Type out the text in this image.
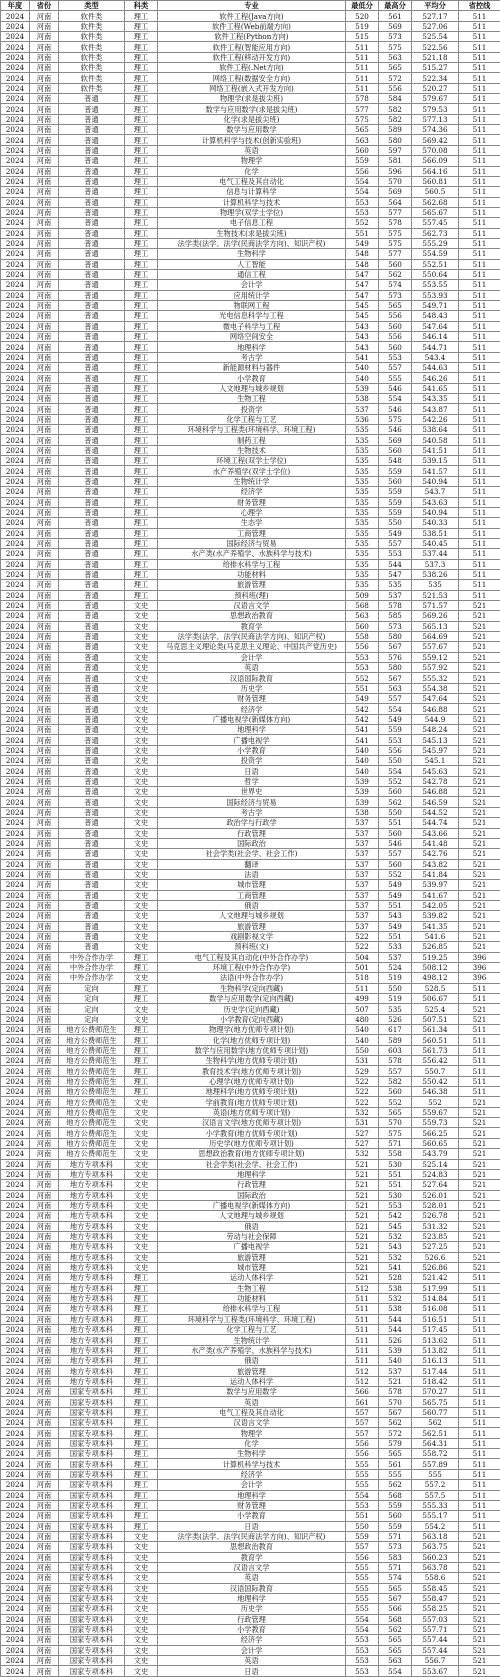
年度	省份	类型	科类	专业	最低分	最高分	平均分	省控线
2024	河南	软件类	理工	软件工程(Java方向)	520	561	527.17	511
2024	河南	软件类	理工	软件工程(Web前端方向)	519	569	527.06	511
2024	河南	软件类	理工	软件工程(Python方向)	515	573	525.54	511
2024	河南	软件类	理工	软件工程(智能应用方向)	511	575	522.56	511
2024	河南	软件类	理工	软件工程(移动开发方向)	511	563	521.18	511
2024	河南	软件类	理工	软件工程(.Net方向)	511	565	515.27	511
2024	河南	软件类	理工	网络工程(数据安全方向)	511	572	522.34	511
2024	河南	软件类	理工	网络工程(嵌入式开发方向)	511	556	520.27	511
2024	河南	普通	理工	物理学(求是拔尖班)	578	584	579.67	511
2024	河南	普通	理工	数学与应用数学(求是拔尖班)	577	582	579.53	511
2024	河南	普通	理工	化学(求是拔尖班)	575	582	577.13	511
2024	河南	普通	理工	数学与应用数学	565	589	574.36	511
2024	河南	普通	理工	计算机科学与技术(创新实验班)	563	580	569.42	511
2024	河南	普通	理工	英语	560	597	570.08	511
2024	河南	普通	理工	物理学	559	581	566.09	511
2024	河南	普通	理工	化学	556	596	564.16	511
2024	河南	普通	理工	电气工程及其自动化	554	570	560.81	511
2024	河南	普通	理工	信息与计算科学	554	569	560.5	511
2024	河南	普通	理工	计算机科学与技术	553	564	562.68	511
2024	河南	普通	理工	物理学(双学士学位)	553	577	565.67	511
2024	河南	普通	理工	电子信息工程	552	578	557.45	511
2024	河南	普通	理工	生物技术(求是拔尖班)	551	575	562.73	511
2024	河南	普通	理工	法学类(法学、法学(民商法学方向)、知识产权)	549	575	555.29	511
2024	河南	普通	理工	生物科学	548	577	554.59	511
2024	河南	普通	理工	人工智能	548	560	552.51	511
2024	河南	普通	理工	通信工程	547	562	550.64	511
2024	河南	普通	理工	会计学	547	574	553.55	511
2024	河南	普通	理工	应用统计学	547	573	553.93	511
2024	河南	普通	理工	物联网工程	545	565	549.71	511
2024	河南	普通	理工	光电信息科学与工程	545	556	548.43	511
2024	河南	普通	理工	微电子科学与工程	543	560	547.64	511
2024	河南	普通	理工	网络空间安全	543	556	546.14	511
2024	河南	普通	理工	地理科学	543	560	544.71	511
2024	河南	普通	理工	考古学	541	553	543.4	511
2024	河南	普通	理工	新能源材料与器件	540	557	544.63	511
2024	河南	普通	理工	小学教育	540	555	546.26	511
2024	河南	普通	理工	人文地理与城乡规划	539	546	541.65	511
2024	河南	普通	理工	生物工程	538	554	543.35	511
2024	河南	普通	理工	投资学	537	546	543.87	511
2024	河南	普通	理工	化学工程与工艺	536	575	542.26	511
2024	河南	普通	理工	环境科学与工程类(环境科学、环境工程)	535	546	538.64	511
2024	河南	普通	理工	制药工程	535	569	540.58	511
2024	河南	普通	理工	生物技术	535	560	541.51	511
2024	河南	普通	理工	环境工程(双学士学位)	535	548	539.15	511
2024	河南	普通	理工	水产养殖学(双学士学位)	535	559	541.57	511
2024	河南	普通	理工	生物统计学	535	560	540.94	511
2024	河南	普通	理工	经济学	535	559	543.7	511
2024	河南	普通	理工	财务管理	535	559	543.63	511
2024	河南	普通	理工	心理学	535	559	540.94	511
2024	河南	普通	理工	生态学	535	550	540.33	511
2024	河南	普通	理工	工商管理	535	549	538.51	511
2024	河南	普通	理工	国际经济与贸易	535	557	540.45	511
2024	河南	普通	理工	水产类(水产养殖学、水族科学与技术)	535	553	537.44	511
2024	河南	普通	理工	给排水科学与工程	535	544	537.3	511
2024	河南	普通	理工	功能材料	535	547	538.26	511
2024	河南	普通	理工	旅游管理	535	535	535	511
2024	河南	普通	理工	预科班(理)	509	537	521.53	511
2024	河南	普通	文史	汉语言文学	568	578	571.57	521
2024	河南	普通	文史	思想政治教育	563	585	569.26	521
2024	河南	普通	文史	教育学	560	573	565.13	521
2024	河南	普通	文史	法学类(法学、法学(民商法学方向)、知识产权)	558	580	564.69	521
2024	河南	普通	文史	马克思主义理论类(马克思主义理论、中国共产党历史)	556	567	557.67	521
2024	河南	普通	文史	会计学	553	576	559.12	521
2024	河南	普通	文史	英语	553	580	557.92	521
2024	河南	普通	文史	汉语国际教育	552	567	555.32	521
2024	河南	普通	文史	历史学	551	563	554.38	521
2024	河南	普通	文史	财务管理	549	557	547.64	521
2024	河南	普通	文史	经济学	542	554	546.88	521
2024	河南	普通	文史	广播电视学(新媒体方向)	542	549	544.9	521
2024	河南	普通	文史	地理科学	541	559	548.24	521
2024	河南	普通	文史	广播电视学	541	553	545.13	521
2024	河南	普通	文史	小学教育	540	556	545.97	521
2024	河南	普通	文史	投资学	540	550	545.1	521
2024	河南	普通	文史	日语	540	554	545.63	521
2024	河南	普通	文史	哲学	539	552	542.78	521
2024	河南	普通	文史	世界史	539	560	546.88	521
2024	河南	普通	文史	国际经济与贸易	539	562	546.59	521
2024	河南	普通	文史	考古学	538	550	544.52	521
2024	河南	普通	文史	政治学与行政学	537	551	544.74	521
2024	河南	普通	文史	行政管理	537	560	543.66	521
2024	河南	普通	文史	国际政治	537	546	541.48	521
2024	河南	普通	文史	社会学类(社会学、社会工作)	537	557	542.76	521
2024	河南	普通	文史	翻译	537	560	543.82	521
2024	河南	普通	文史	法语	537	552	541.84	521
2024	河南	普通	文史	城市管理	537	549	539.97	521
2024	河南	普通	文史	工商管理	537	549	541.67	521
2024	河南	普通	文史	俄语	537	551	542.05	521
2024	河南	普通	文史	人文地理与城乡规划	537	543	539.82	521
2024	河南	普通	文史	旅游管理	537	549	541.35	521
2024	河南	普通	文史	戏剧影视文学	522	551	541.6	521
2024	河南	普通	文史	预科班(文)	522	533	526.85	521
2024	河南	中外合作办学	理工	电气工程及其自动化(中外合作办学)	504	537	519.25	396
2024	河南	中外合作办学	理工	环境工程(中外合作办学)	501	524	508.12	396
2024	河南	中外合作办学	文史	法语(中外合作办学)	518	519	498.12	396
2024	河南	定向	理工	生物科学(定向西藏)	511	550	528.5	511
2024	河南	定向	理工	数学与应用数学(定向西藏)	499	519	506.67	511
2024	河南	定向	文史	历史学(定向西藏)	507	535	525.4	521
2024	河南	定向	文史	小学教育(定向西藏)	480	526	507.51	521
2024	河南	地方公费师范生	理工	物理学(地方优师专项计划)	540	617	561.34	511
2024	河南	地方公费师范生	理工	化学(地方优师专项计划)	540	589	560.51	511
2024	河南	地方公费师范生	理工	数学与应用数学(地方优师专项计划)	550	603	561.73	511
2024	河南	地方公费师范生	理工	生物科学(地方优师专项计划)	531	578	556.42	511
2024	河南	地方公费师范生	理工	教育技术学(地方优师专项计划)	529	557	550.7	511
2024	河南	地方公费师范生	理工	心理学(地方优师专项计划)	522	582	550.42	511
2024	河南	地方公费师范生	理工	地理科学(地方优师专项计划)	522	560	546.38	511
2024	河南	地方公费师范生	文史	学前教育(地方优师专项计划)	522	552	552	521
2024	河南	地方公费师范生	文史	英语(地方优师专项计划)	532	565	559.67	521
2024	河南	地方公费师范生	文史	汉语言文学(地方优师专项计划)	531	570	559.73	521
2024	河南	地方公费师范生	文史	小学教育(地方优师专项计划)	527	575	566.25	521
2024	河南	地方公费师范生	文史	历史学(地方优师专项计划)	527	571	560.65	521
2024	河南	地方公费师范生	文史	思想政治教育(地方优师专项计划)	532	558	543.79	521
2024	河南	地方专项本科	文史	社会学类(社会学、社会工作)	521	530	525.14	521
2024	河南	地方专项本科	文史	地理科学	521	551	524.83	521
2024	河南	地方专项本科	文史	行政管理	521	551	527.64	521
2024	河南	地方专项本科	文史	国际政治	521	530	526.01	521
2024	河南	地方专项本科	文史	广播电视学(新媒体方向)	521	553	528.01	521
2024	河南	地方专项本科	文史	人文地理与城乡规划	521	542	526.78	521
2024	河南	地方专项本科	文史	俄语	521	545	531.32	521
2024	河南	地方专项本科	文史	劳动与社会保障	521	532	523.85	521
2024	河南	地方专项本科	文史	广播电视学	521	543	527.25	521
2024	河南	地方专项本科	文史	旅游管理	521	532	526.6	521
2024	河南	地方专项本科	文史	城市管理	521	541	526.86	521
2024	河南	地方专项本科	理工	运动人体科学	521	528	521.42	511
2024	河南	地方专项本科	理工	生物工程	512	538	517.99	511
2024	河南	地方专项本科	理工	功能材料	511	532	514.84	511
2024	河南	地方专项本科	理工	给排水科学与工程	511	538	516.08	511
2024	河南	地方专项本科	理工	环境科学与工程类(环境科学、环境工程)	511	544	516.51	511
2024	河南	地方专项本科	理工	化学工程与工艺	511	544	517.45	511
2024	河南	地方专项本科	理工	生物统计学	511	526	513.62	511
2024	河南	地方专项本科	理工	水产类(水产养殖学、水族科学与技术)	511	539	513.82	511
2024	河南	地方专项本科	理工	俄语	511	540	516.13	511
2024	河南	地方专项本科	理工	旅游管理	512	537	517.44	511
2024	河南	地方专项本科	理工	运动人体科学	512	521	518.42	511
2024	河南	国家专项本科	理工	数学与应用数学	566	578	570.27	511
2024	河南	国家专项本科	理工	英语	561	570	565.75	511
2024	河南	国家专项本科	理工	电气工程及其自动化	557	567	560.77	511
2024	河南	国家专项本科	理工	汉语言文学	557	562	562	511
2024	河南	国家专项本科	理工	物理学	557	572	562.51	511
2024	河南	国家专项本科	理工	化学	556	579	564.31	511
2024	河南	国家专项本科	理工	生物科学	556	565	558.72	511
2024	河南	国家专项本科	理工	计算机科学与技术	555	561	557.89	511
2024	河南	国家专项本科	理工	经济学	555	555	555	511
2024	河南	国家专项本科	理工	会计学	555	562	557.2	511
2024	河南	国家专项本科	理工	地理科学	554	568	557.5	511
2024	河南	国家专项本科	理工	财务管理	553	559	555.33	511
2024	河南	国家专项本科	理工	小学教育	551	560	555.17	511
2024	河南	国家专项本科	理工	日语	550	559	554.2	511
2024	河南	国家专项本科	文史	法学类(法学、法学(民商法学方向)、知识产权)	559	571	563.18	521
2024	河南	国家专项本科	文史	思想政治教育	557	573	563.75	521
2024	河南	国家专项本科	文史	教育学	556	583	560.23	521
2024	河南	国家专项本科	文史	汉语言文学	555	571	563.78	521
2024	河南	国家专项本科	文史	英语	555	574	558.6	521
2024	河南	国家专项本科	文史	汉语国际教育	555	565	558.45	521
2024	河南	国家专项本科	文史	地理科学	555	567	558.47	521
2024	河南	国家专项本科	文史	历史学	555	566	558.25	521
2024	河南	国家专项本科	文史	行政管理	554	568	557.03	521
2024	河南	国家专项本科	文史	小学教育	554	562	557.71	521
2024	河南	国家专项本科	文史	经济学	553	565	557.44	521
2024	河南	国家专项本科	文史	会计学	553	565	557.44	521
2024	河南	国家专项本科	文史	英语	553	563	556.7	521
2024	河南	国家专项本科	文史	日语	553	554	553.67	521
